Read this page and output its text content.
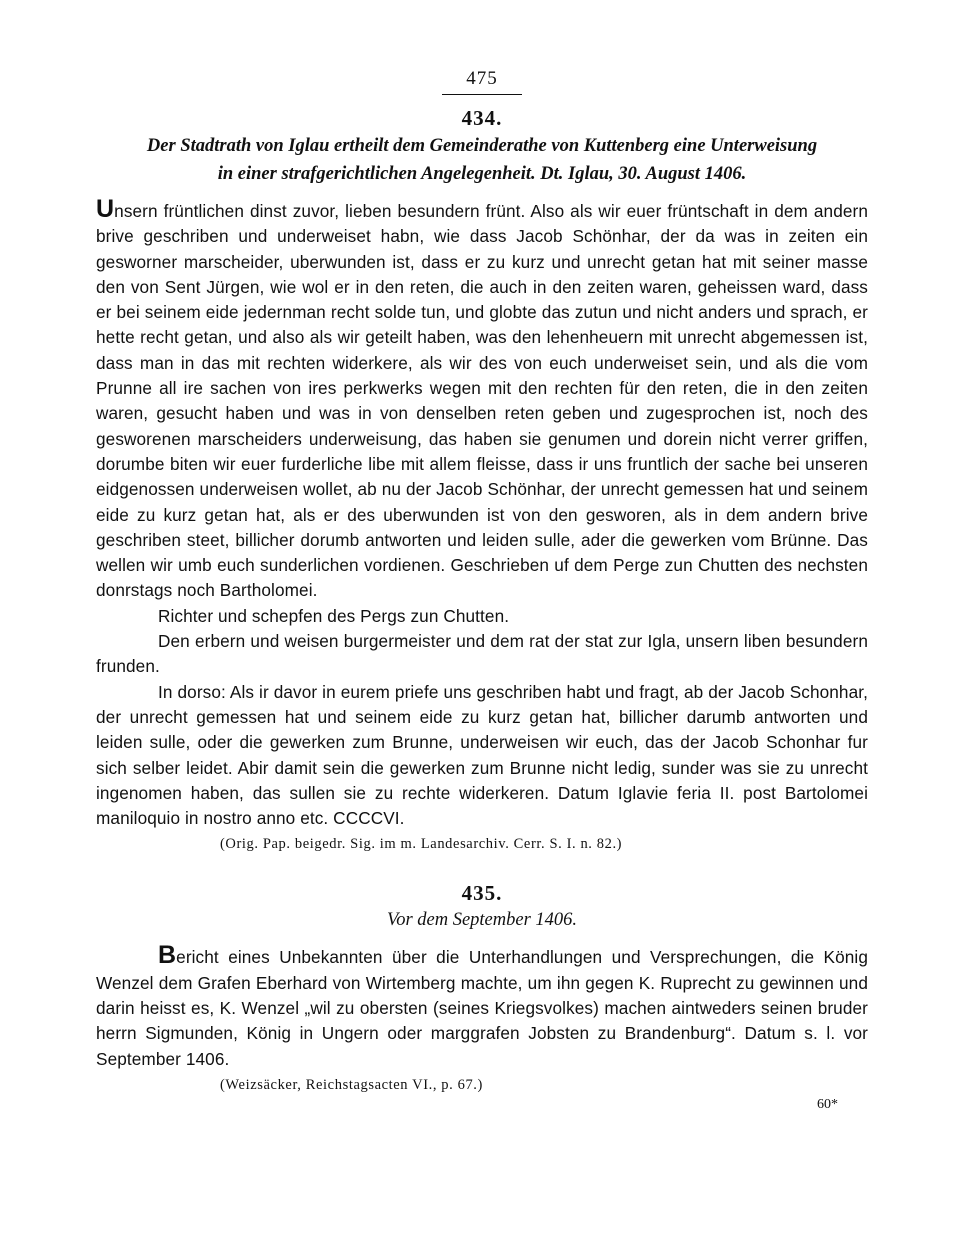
475
434.
Der Stadtrath von Iglau ertheilt dem Gemeinderathe von Kuttenberg eine Unterweisung
in einer strafgerichtlichen Angelegenheit. Dt. Iglau, 30. August 1406.

Unsern früntlichen dinst zuvor, lieben besundern frünt. Also als wir euer früntschaft in dem andern brive geschriben und underweiset habn, wie dass Jacob Schönhar, der da was in zeiten ein gesworner marscheider, uberwunden ist, dass er zu kurz und unrecht getan hat mit seiner masse den von Sent Jürgen, wie wol er in den reten, die auch in den zeiten waren, geheissen ward, dass er bei seinem eide jedernman recht solde tun, und globte das zutun und nicht anders und sprach, er hette recht getan, und also als wir geteilt haben, was den lehenheuern mit unrecht abgemessen ist, dass man in das mit rechten widerkere, als wir des von euch underweiset sein, und als die vom Prunne all ire sachen von ires perkwerks wegen mit den rechten für den reten, die in den zeiten waren, gesucht haben und was in von denselben reten geben und zugesprochen ist, noch des gesworenen marscheiders underweisung, das haben sie genumen und dorein nicht verrer griffen, dorumbe biten wir euer furderliche libe mit allem fleisse, dass ir uns fruntlich der sache bei unseren eidgenossen underweisen wollet, ab nu der Jacob Schönhar, der unrecht gemessen hat und seinem eide zu kurz getan hat, als er des uberwunden ist von den gesworen, als in dem andern brive geschriben steet, billicher dorumb antworten und leiden sulle, ader die gewerken vom Brünne. Das wellen wir umb euch sunderlichen vordienen. Geschrieben uf dem Perge zun Chutten des nechsten donrstags noch Bartholomei.

Richter und schepfen des Pergs zun Chutten.

Den erbern und weisen burgermeister und dem rat der stat zur Igla, unsern liben besundern frunden.

In dorso: Als ir davor in eurem priefe uns geschriben habt und fragt, ab der Jacob Schonhar, der unrecht gemessen hat und seinem eide zu kurz getan hat, billicher darumb antworten und leiden sulle, oder die gewerken zum Brunne, underweisen wir euch, das der Jacob Schonhar fur sich selber leidet. Abir damit sein die gewerken zum Brunne nicht ledig, sunder was sie zu unrecht ingenomen haben, das sullen sie zu rechte widerkeren. Datum Iglavie feria II. post Bartolomei maniloquio in nostro anno etc. CCCCVI.

(Orig. Pap. beigedr. Sig. im m. Landesarchiv. Cerr. S. I. n. 82.)
435.
Vor dem September 1406.

Bericht eines Unbekannten über die Unterhandlungen und Versprechungen, die König Wenzel dem Grafen Eberhard von Wirtemberg machte, um ihn gegen K. Ruprecht zu gewinnen und darin heisst es, K. Wenzel „wil zu obersten (seines Kriegsvolkes) machen aintweders seinen bruder herrn Sigmunden, König in Ungern oder marggrafen Jobsten zu Brandenburg“. Datum s. l. vor September 1406.

(Weizsäcker, Reichstagsacten VI., p. 67.)
60*
